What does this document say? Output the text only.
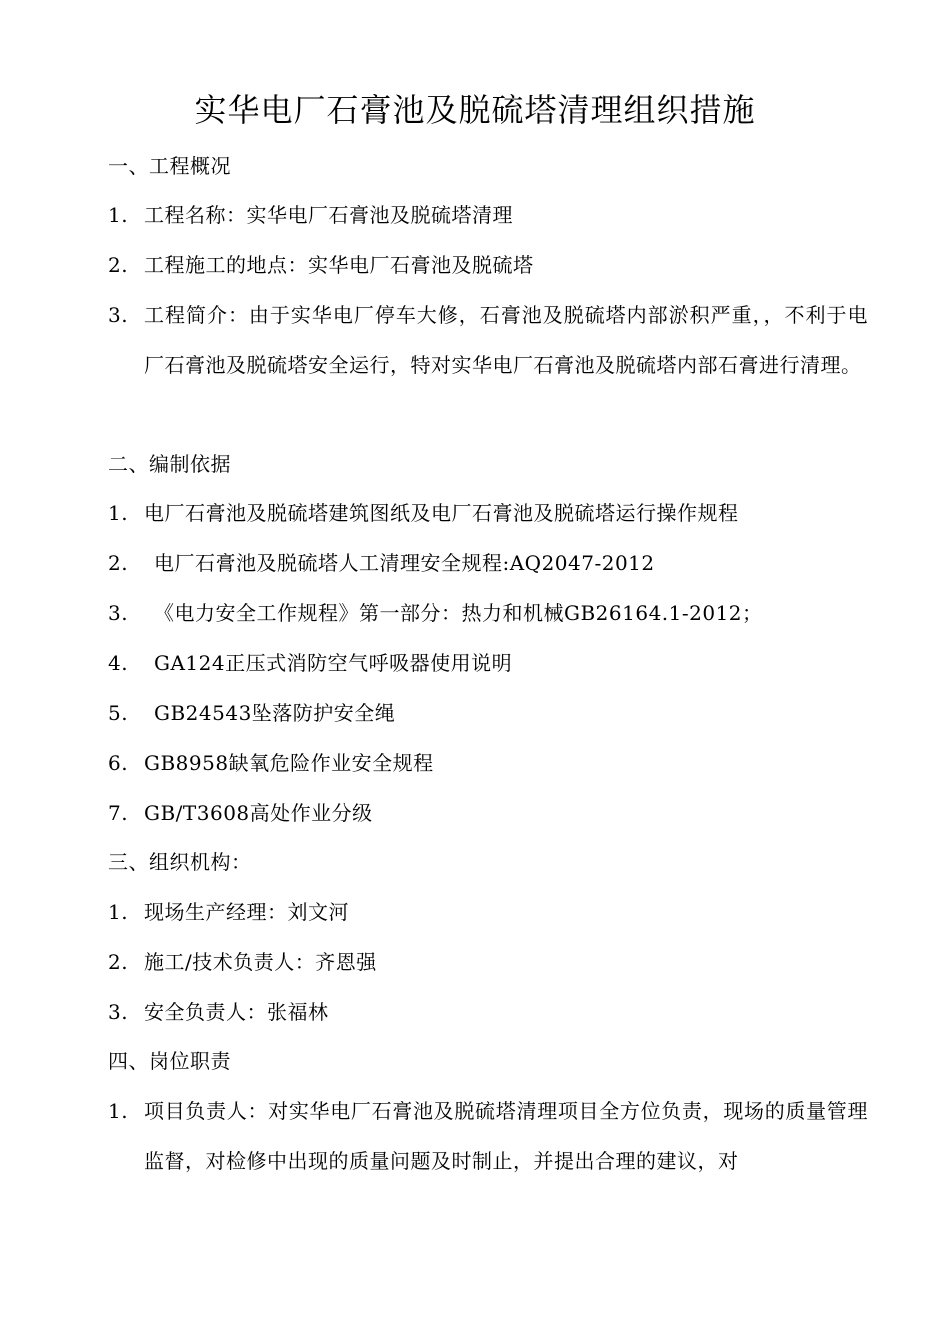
实华电厂石膏池及脱硫塔清理组织措施
一、工程概况
1. 工程名称：实华电厂石膏池及脱硫塔清理
2. 工程施工的地点：实华电厂石膏池及脱硫塔
3. 工程简介：由于实华电厂停车大修，石膏池及脱硫塔内部淤积严重，，不利于电厂石膏池及脱硫塔安全运行，特对实华电厂石膏池及脱硫塔内部石膏进行清理。
二、编制依据
1. 电厂石膏池及脱硫塔建筑图纸及电厂石膏池及脱硫塔运行操作规程
2. 电厂石膏池及脱硫塔人工清理安全规程:AQ2047-2012
3. 《电力安全工作规程》第一部分：热力和机械GB26164.1-2012；
4. GA124正压式消防空气呼吸器使用说明
5. GB24543坠落防护安全绳
6. GB8958缺氧危险作业安全规程
7. GB/T3608高处作业分级
三、组织机构：
1. 现场生产经理：刘文河
2. 施工/技术负责人：齐恩强
3. 安全负责人：张福林
四、岗位职责
1. 项目负责人：对实华电厂石膏池及脱硫塔清理项目全方位负责，现场的质量管理监督，对检修中出现的质量问题及时制止，并提出合理的建议，对
